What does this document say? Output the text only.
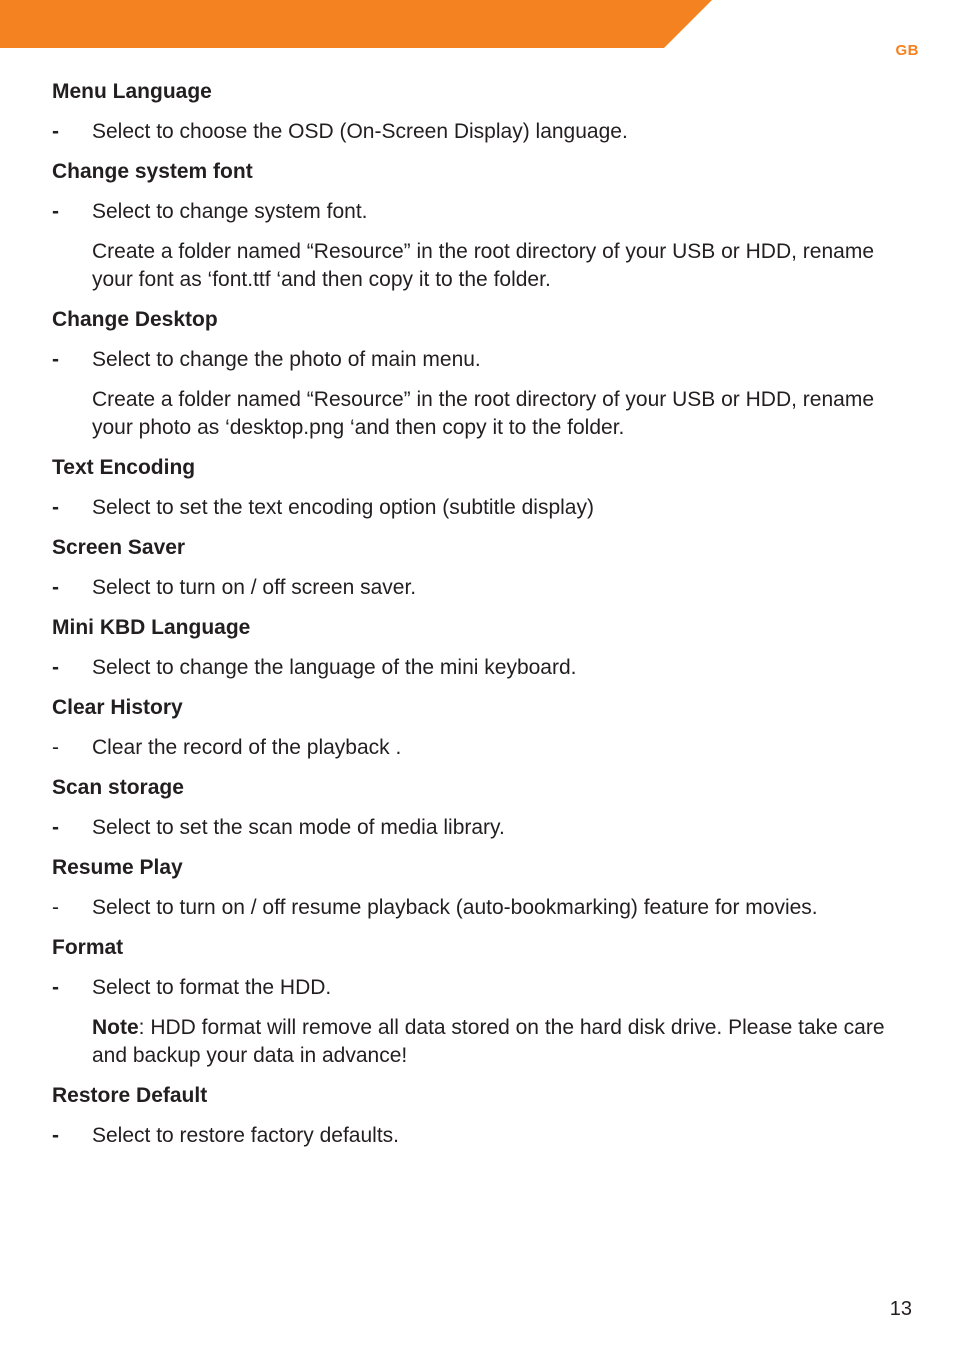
GB
Menu Language
-	Select to choose the OSD (On-Screen Display) language.
Change system font
-	Select to change system font.
Create a folder named “Resource” in the root directory of your USB or HDD, rename your font as ‘font.ttf ‘and then copy it to the folder.
Change Desktop
-	Select to change the photo of main menu.
Create a folder named “Resource” in the root directory of your USB or HDD, rename your photo as ‘desktop.png ‘and then copy it to the folder.
Text Encoding
-	Select to set the text encoding option (subtitle display)
Screen Saver
-	Select to turn on / off screen saver.
Mini KBD Language
-	Select to change the language of the mini keyboard.
Clear History
-	Clear the record of the playback .
Scan storage
-	Select to set the scan mode of media library.
Resume Play
-	Select to turn on / off resume playback (auto-bookmarking) feature for movies.
Format
-	Select to format the HDD.
Note: HDD format will remove all data stored on the hard disk drive. Please take care and backup your data in advance!
Restore Default
-	Select to restore factory defaults.
13
